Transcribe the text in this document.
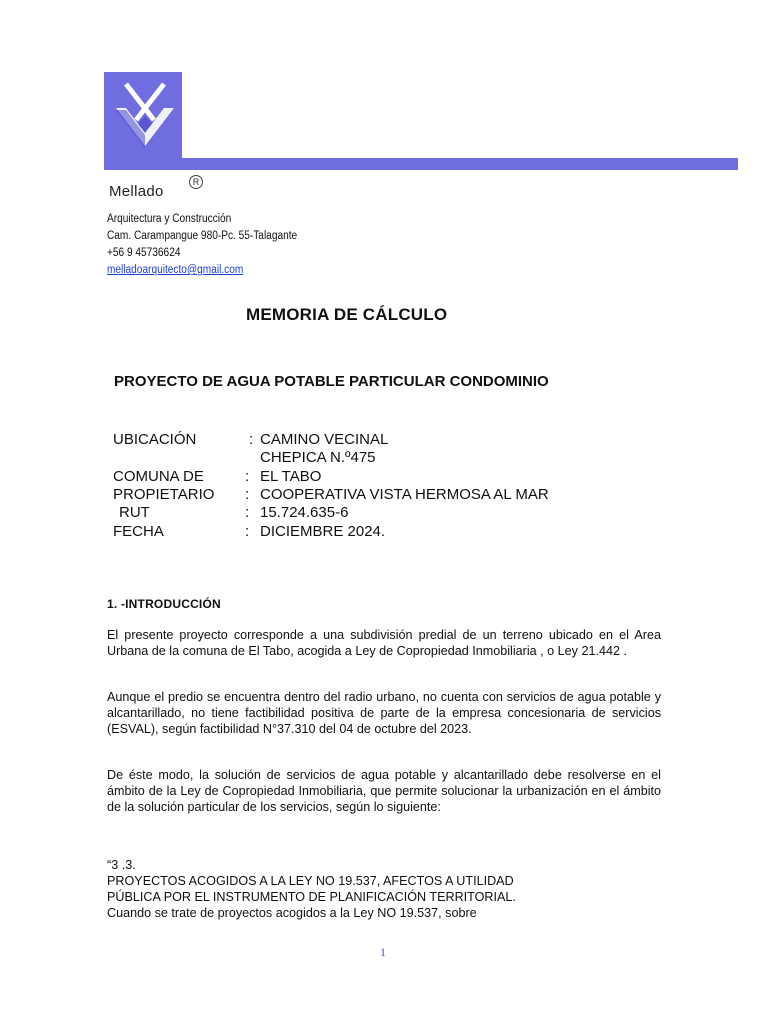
Mellado
R
Arquitectura y Construcción
Cam. Carampangue 980-Pc. 55-Talagante
+56 9 45736624
melladoarquitecto@gmail.com
MEMORIA DE CÁLCULO
PROYECTO DE AGUA POTABLE PARTICULAR CONDOMINIO
UBICACIÓN	: CAMINO VECINAL
CHEPICA N.º475
COMUNA DE	: EL TABO
PROPIETARIO : COOPERATIVA VISTA HERMOSA AL MAR
RUT	: 15.724.635-6
FECHA	: DICIEMBRE 2024.
1. -INTRODUCCIÓN
El presente proyecto corresponde a una subdivisión predial de un terreno ubicado en el Area Urbana de la comuna de El Tabo, acogida a Ley de Copropiedad Inmobiliaria , o Ley 21.442 .
Aunque el predio se encuentra dentro del radio urbano, no cuenta con servicios de agua potable y alcantarillado, no tiene factibilidad positiva de parte de la empresa concesionaria de servicios (ESVAL), según factibilidad N°37.310 del 04 de octubre del 2023.
De éste modo, la solución de servicios de agua potable y alcantarillado debe resolverse en el ámbito de la Ley de Copropiedad Inmobiliaria, que permite solucionar la urbanización en el ámbito de la solución particular de los servicios, según lo siguiente:
“3 .3.
PROYECTOS ACOGIDOS A LA LEY NO 19.537, AFECTOS A UTILIDAD
PÚBLICA POR EL INSTRUMENTO DE PLANIFICACIÓN TERRITORIAL.
Cuando se trate de proyectos acogidos a la Ley NO 19.537, sobre
1
